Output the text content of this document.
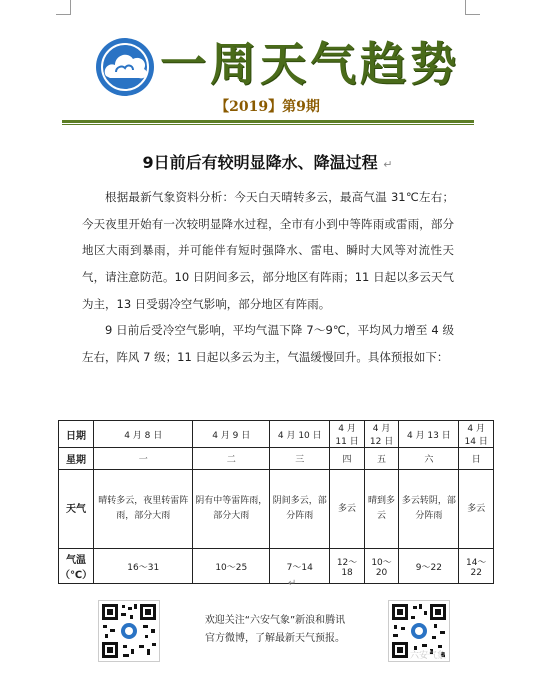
一周天气趋势
【2019】第9期
9日前后有较明显降水、降温过程 ↵
根据最新气象资料分析：今天白天晴转多云，最高气温 31℃左右；今天夜里开始有一次较明显降水过程，全市有小到中等阵雨或雷雨，部分地区大雨到暴雨，并可能伴有短时强降水、雷电、瞬时大风等对流性天气，请注意防范。10 日阴间多云，部分地区有阵雨；11 日起以多云天气为主，13 日受弱冷空气影响，部分地区有阵雨。
9 日前后受冷空气影响，平均气温下降 7～9℃，平均风力增至 4 级左右，阵风 7 级；11 日起以多云为主，气温缓慢回升。具体预报如下：
日期	4 月 8 日	4 月 9 日	4 月 10 日	4 月 11 日	4 月 12 日	4 月 13 日	4 月 14 日
星期	一	二	三	四	五	六	日
天气	晴转多云，夜里转雷阵雨，部分大雨	阴有中等雷阵雨，部分大雨	阴间多云，部分阵雨	多云	晴到多云	多云转阴，部分阵雨	多云

气温
（℃）	16～31	10～25	7～14	12～18	10～20	9～22	14～22
↵
欢迎关注“六安气象”新浪和腾讯
官方微博，了解最新天气预报。
六安气象
